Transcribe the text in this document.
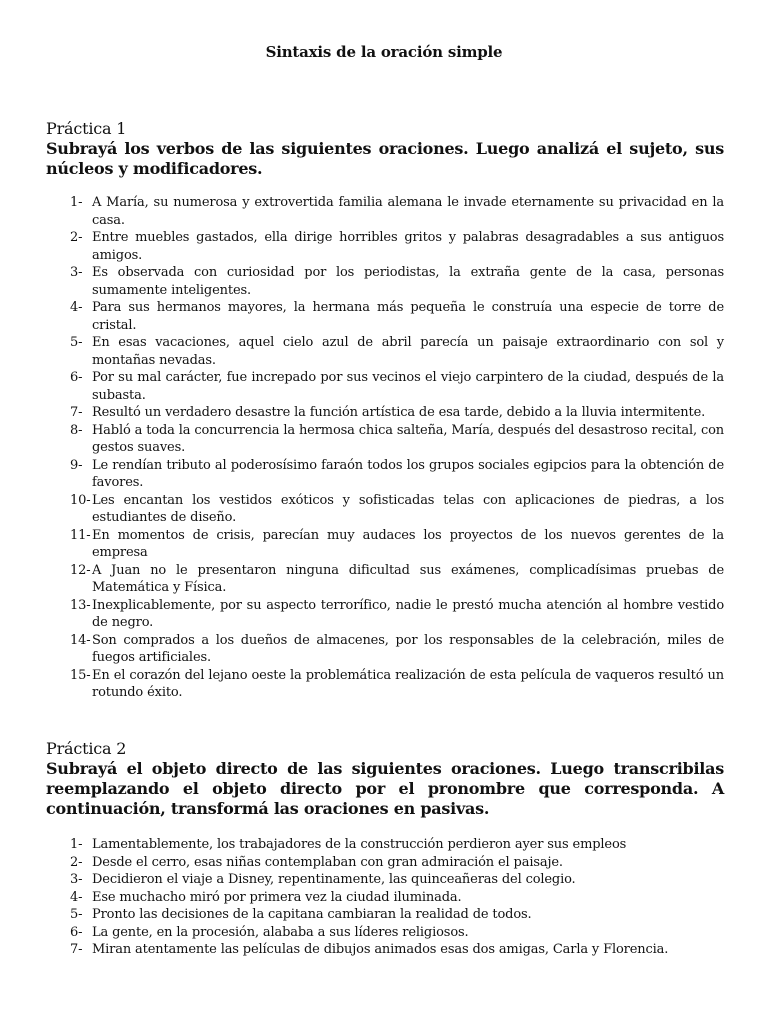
Sintaxis de la oración simple
Práctica 1
Subrayá los verbos de las siguientes oraciones. Luego analizá el sujeto, sus núcleos y modificadores.
1- A María, su numerosa y extrovertida familia alemana le invade eternamente su privacidad en la casa.
2- Entre muebles gastados, ella dirige horribles gritos y palabras desagradables a sus antiguos amigos.
3- Es observada con curiosidad por los periodistas, la extraña gente de la casa, personas sumamente inteligentes.
4- Para sus hermanos mayores, la hermana más pequeña le construía una especie de torre de cristal.
5- En esas vacaciones, aquel cielo azul de abril parecía un paisaje extraordinario con sol y montañas nevadas.
6- Por su mal carácter, fue increpado por sus vecinos el viejo carpintero de la ciudad, después de la subasta.
7- Resultó un verdadero desastre la función artística de esa tarde, debido a la lluvia intermitente.
8- Habló a toda la concurrencia la hermosa chica salteña, María, después del desastroso recital, con gestos suaves.
9- Le rendían tributo al poderosísimo faraón todos los grupos sociales egipcios para la obtención de favores.
10- Les encantan los vestidos exóticos y sofisticadas telas con aplicaciones de piedras, a los estudiantes de diseño.
11- En momentos de crisis, parecían muy audaces los proyectos de los nuevos gerentes de la empresa
12- A Juan no le presentaron ninguna dificultad sus exámenes, complicadísimas pruebas de Matemática y Física.
13- Inexplicablemente, por su aspecto terrorífico, nadie le prestó mucha atención al hombre vestido de negro.
14- Son comprados a los dueños de almacenes, por los responsables de la celebración, miles de fuegos artificiales.
15- En el corazón del lejano oeste la problemática realización de esta película de vaqueros resultó un rotundo éxito.
Práctica 2
Subrayá el objeto directo de las siguientes oraciones. Luego transcribilas reemplazando el objeto directo por el pronombre que corresponda. A continuación, transformá las oraciones en pasivas.
1- Lamentablemente, los trabajadores de la construcción perdieron ayer sus empleos
2- Desde el cerro, esas niñas contemplaban con gran admiración el paisaje.
3- Decidieron el viaje a Disney, repentinamente, las quinceañeras del colegio.
4- Ese muchacho miró por primera vez la ciudad iluminada.
5- Pronto las decisiones de la capitana cambiaran la realidad de todos.
6- La gente, en la procesión, alababa a sus líderes religiosos.
7- Miran atentamente las películas de dibujos animados esas dos amigas, Carla y Florencia.
